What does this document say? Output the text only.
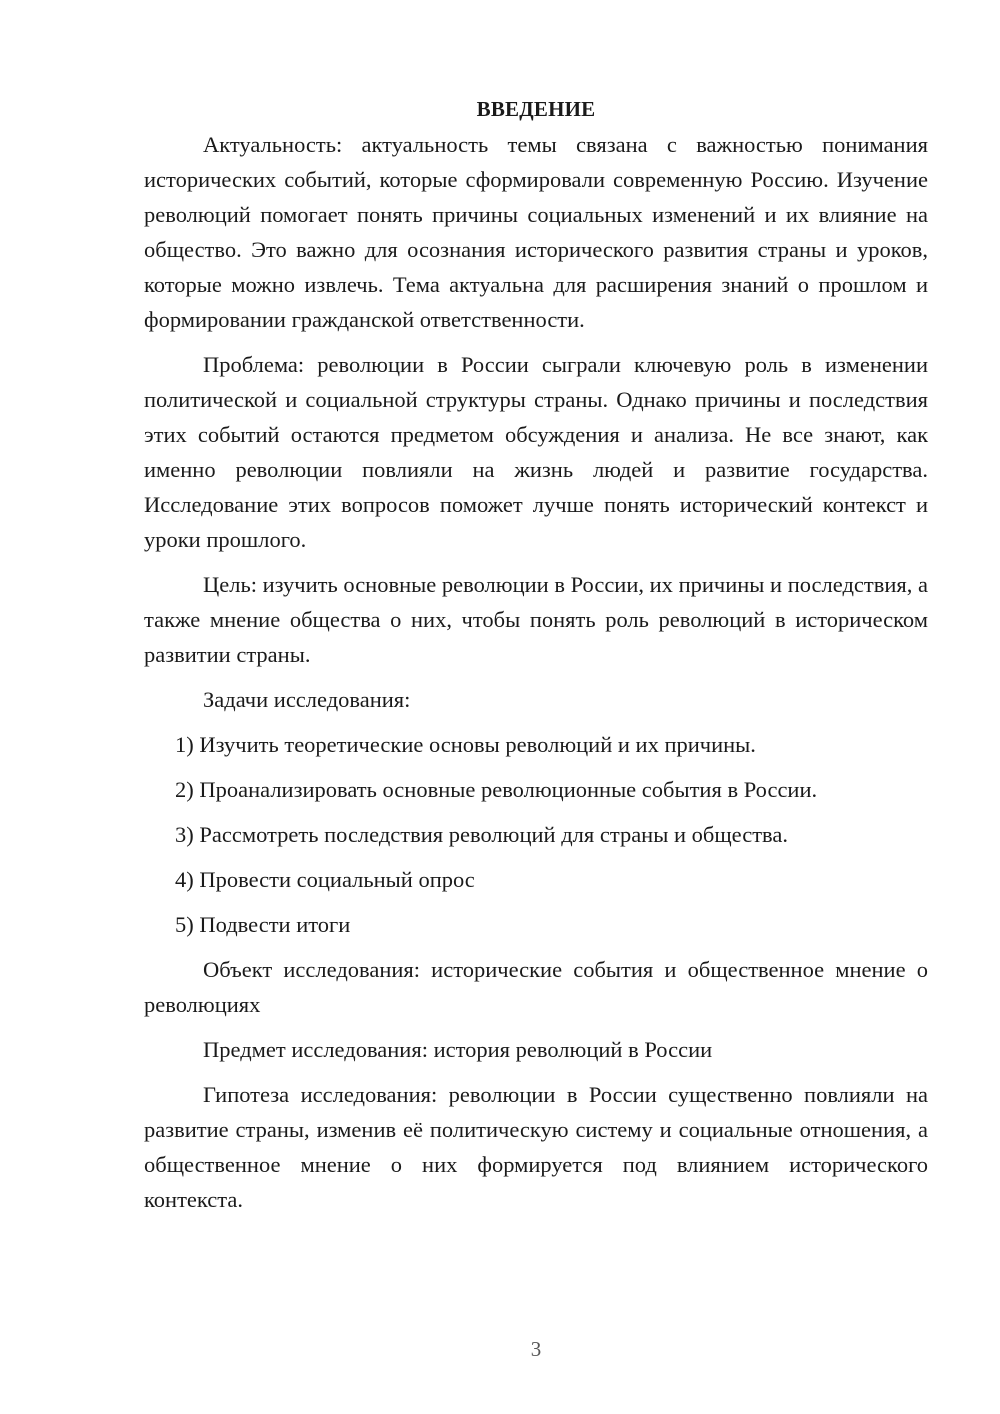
ВВЕДЕНИЕ

Актуальность: актуальность темы связана с важностью понимания исторических событий, которые сформировали современную Россию. Изучение революций помогает понять причины социальных изменений и их влияние на общество. Это важно для осознания исторического развития страны и уроков, которые можно извлечь. Тема актуальна для расширения знаний о прошлом и формировании гражданской ответственности.

Проблема: революции в России сыграли ключевую роль в изменении политической и социальной структуры страны. Однако причины и последствия этих событий остаются предметом обсуждения и анализа. Не все знают, как именно революции повлияли на жизнь людей и развитие государства. Исследование этих вопросов поможет лучше понять исторический контекст и уроки прошлого.

Цель: изучить основные революции в России, их причины и последствия, а также мнение общества о них, чтобы понять роль революций в историческом развитии страны.

Задачи исследования:

1) Изучить теоретические основы революций и их причины.

2) Проанализировать основные революционные события в России.

3) Рассмотреть последствия революций для страны и общества.

4) Провести социальный опрос

5) Подвести итоги

Объект исследования: исторические события и общественное мнение о революциях

Предмет исследования: история революций в России

Гипотеза исследования: революции в России существенно повлияли на развитие страны, изменив её политическую систему и социальные отношения, а общественное мнение о них формируется под влиянием исторического контекста.

3
